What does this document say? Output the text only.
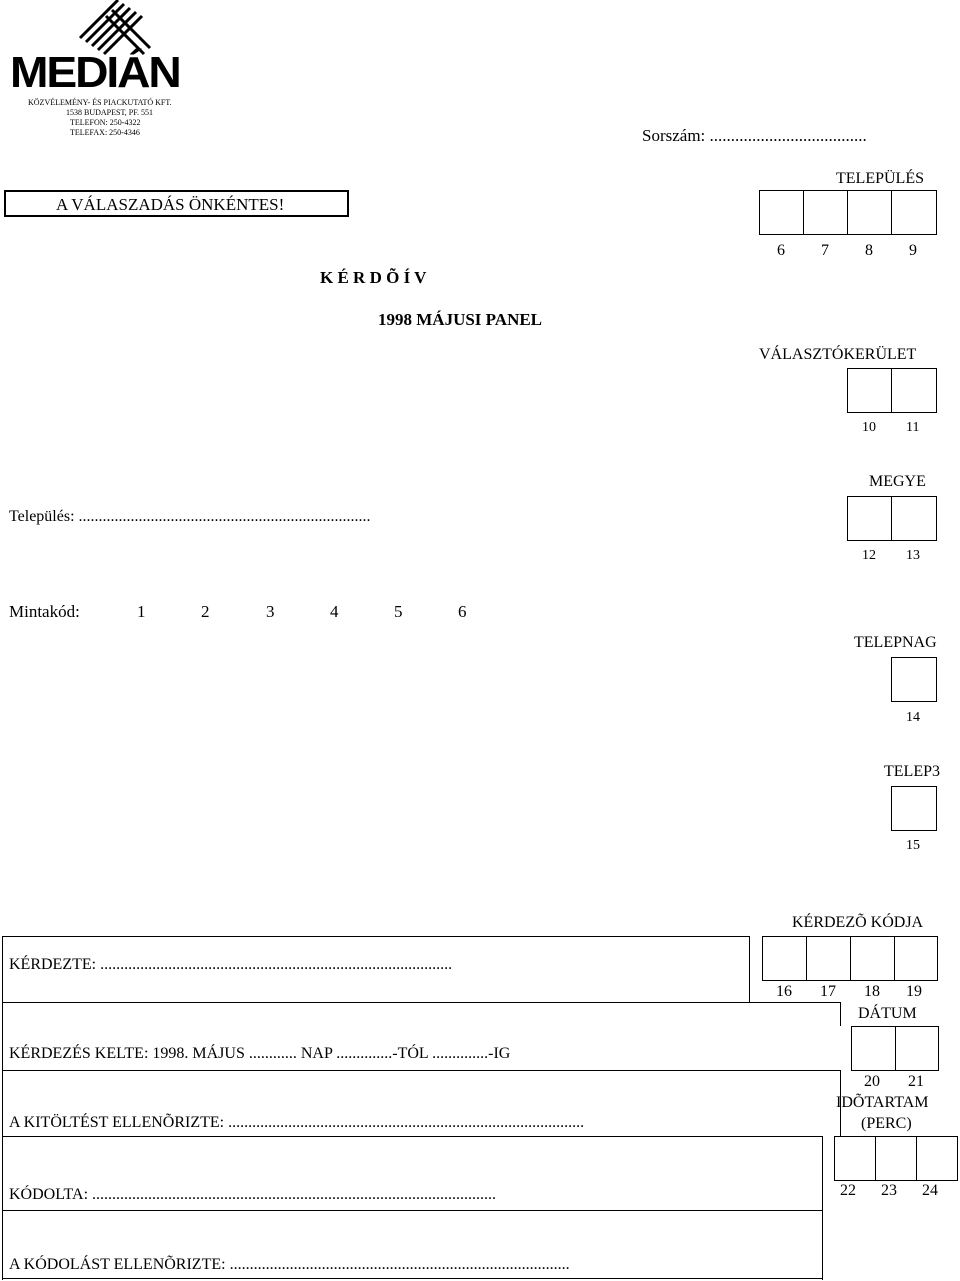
MEDIÁN
KÖZVÉLEMÉNY- ÉS PIACKUTATÓ KFT.
1538 BUDAPEST, PF. 551
TELEFON: 250-4322
TELEFAX: 250-4346	Sorszám: .....................................
A VÁLASZADÁS ÖNKÉNTES!
K É R D Õ Í V
1998 MÁJUSI PANEL
TELEPÜLÉS
6 7 8 9
VÁLASZTÓKERÜLET
10 11
MEGYE
12 13
Település: .........................................................................
Mintakód:	1	2	3	4	5	6
TELEPNAG
14
TELEP3
15
KÉRDEZÕ KÓDJA
16 17 18 19
DÁTUM
20 21
IDÕTARTAM
(PERC)
22 23 24
KÉRDEZTE: ........................................................................................
KÉRDEZÉS KELTE: 1998. MÁJUS ............ NAP ..............-TÓL ..............-IG
A KITÖLTÉST ELLENÕRIZTE: .........................................................................................
KÓDOLTA: .....................................................................................................
A KÓDOLÁST ELLENÕRIZTE: .....................................................................................
